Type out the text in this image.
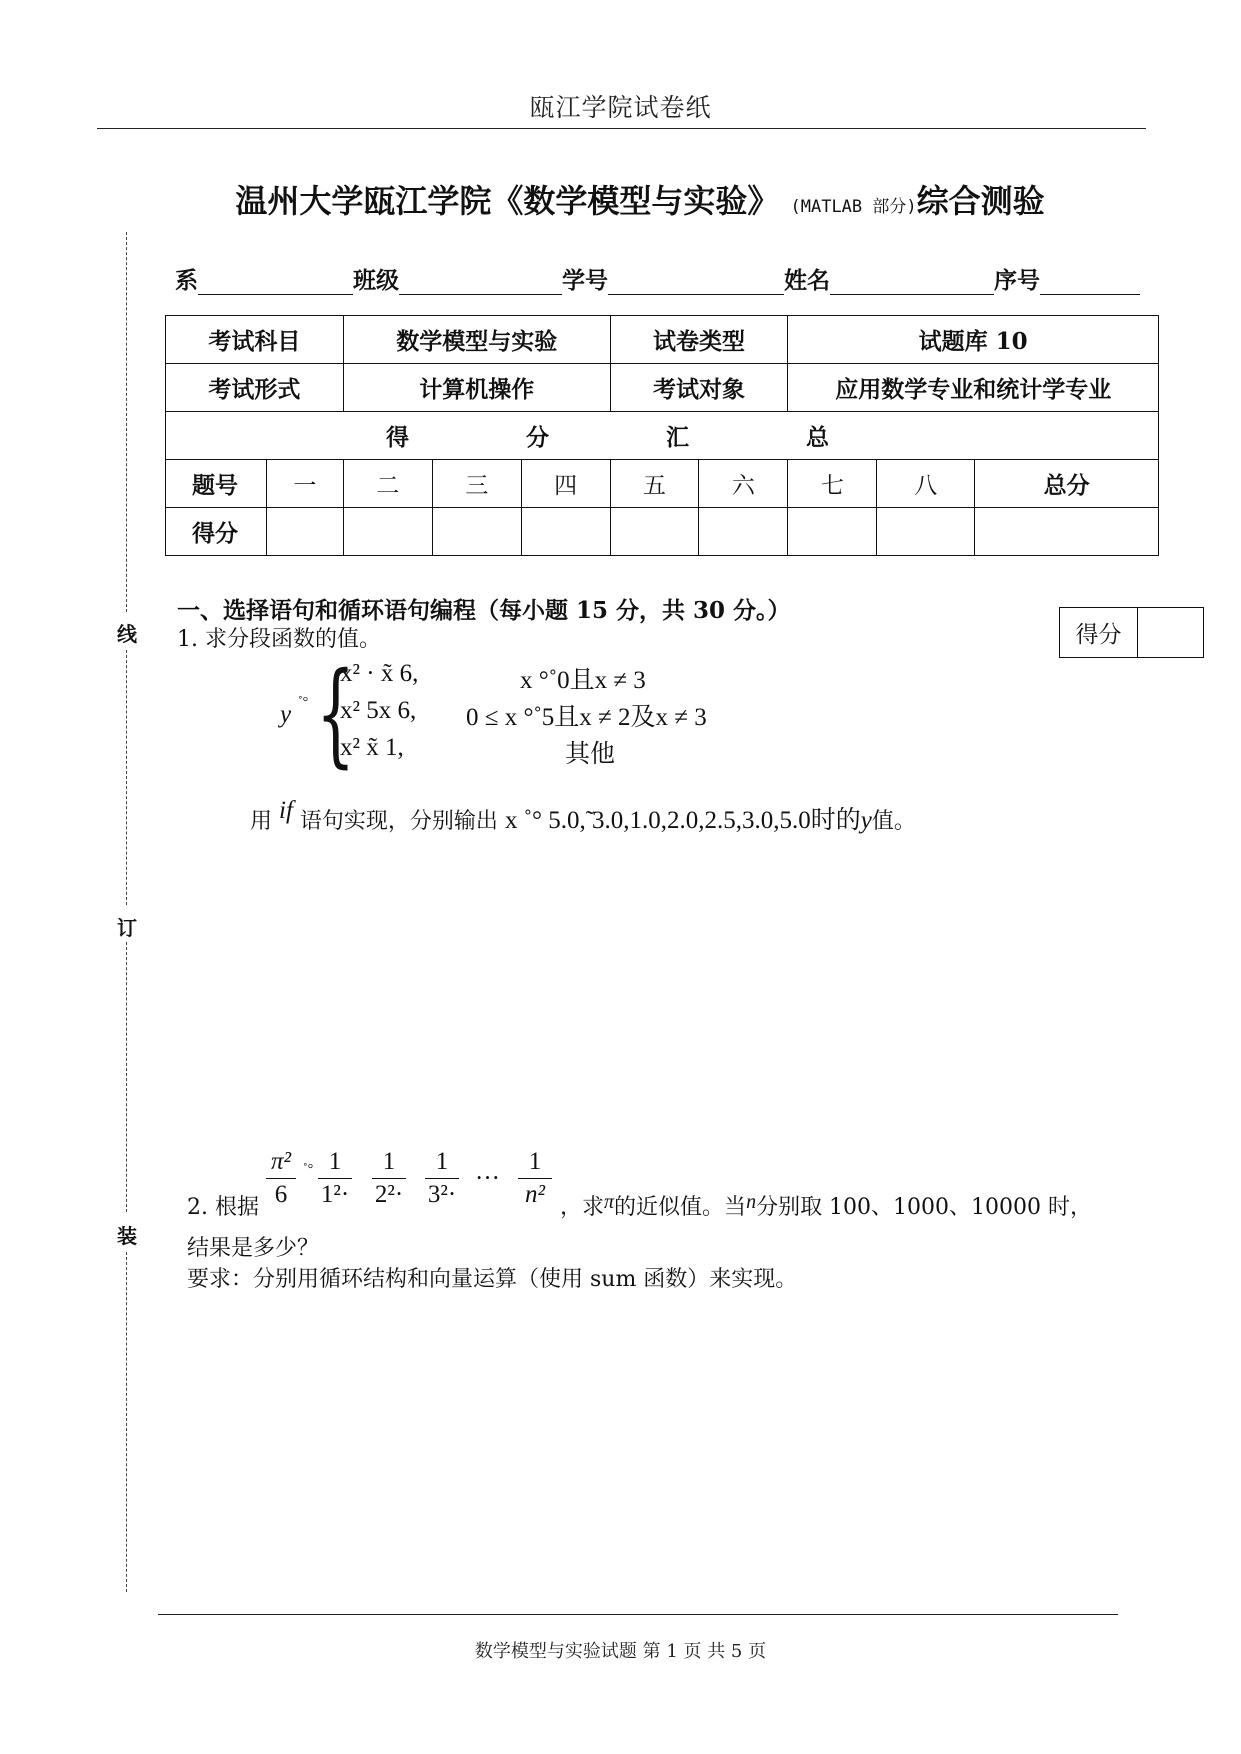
瓯江学院试卷纸
温州大学瓯江学院《数学模型与实验》 (MATLAB 部分)综合测验
系	班级	学号	姓名	序号
考试科目		数学模型与实验			试卷类型		试题库 10		
考试形式		计算机操作			考试对象		应用数学专业和统计学专业		
得 分 汇 总									
题号	一	二	三	四	五	六	七	八	总分
得分									
一、选择语句和循环语句编程（每小题 15 分，共 30 分。）
得分
1. 求分段函数的值。
y ˚° {
x² · x̃ 6,	x °˚0且x ≠ 3
x² 5x 6, 0 ≤ x °˚5且x ≠ 2及x ≠ 3
x² x̃ 1,	其他
用 if 语句实现，分别输出 x ˚° 5.0,̃ 3.0,1.0,2.0,2.5,3.0,5.0时的y值。
π²
6
˚° 1
1²·
1
2²·
1
3²·
···
1
n²
2. 根据	，求π的近似值。当n分别取 100、1000、10000 时，
结果是多少？
要求：分别用循环结构和向量运算（使用 sum 函数）来实现。
线
订
装
数学模型与实验试题 第 1 页 共 5 页
